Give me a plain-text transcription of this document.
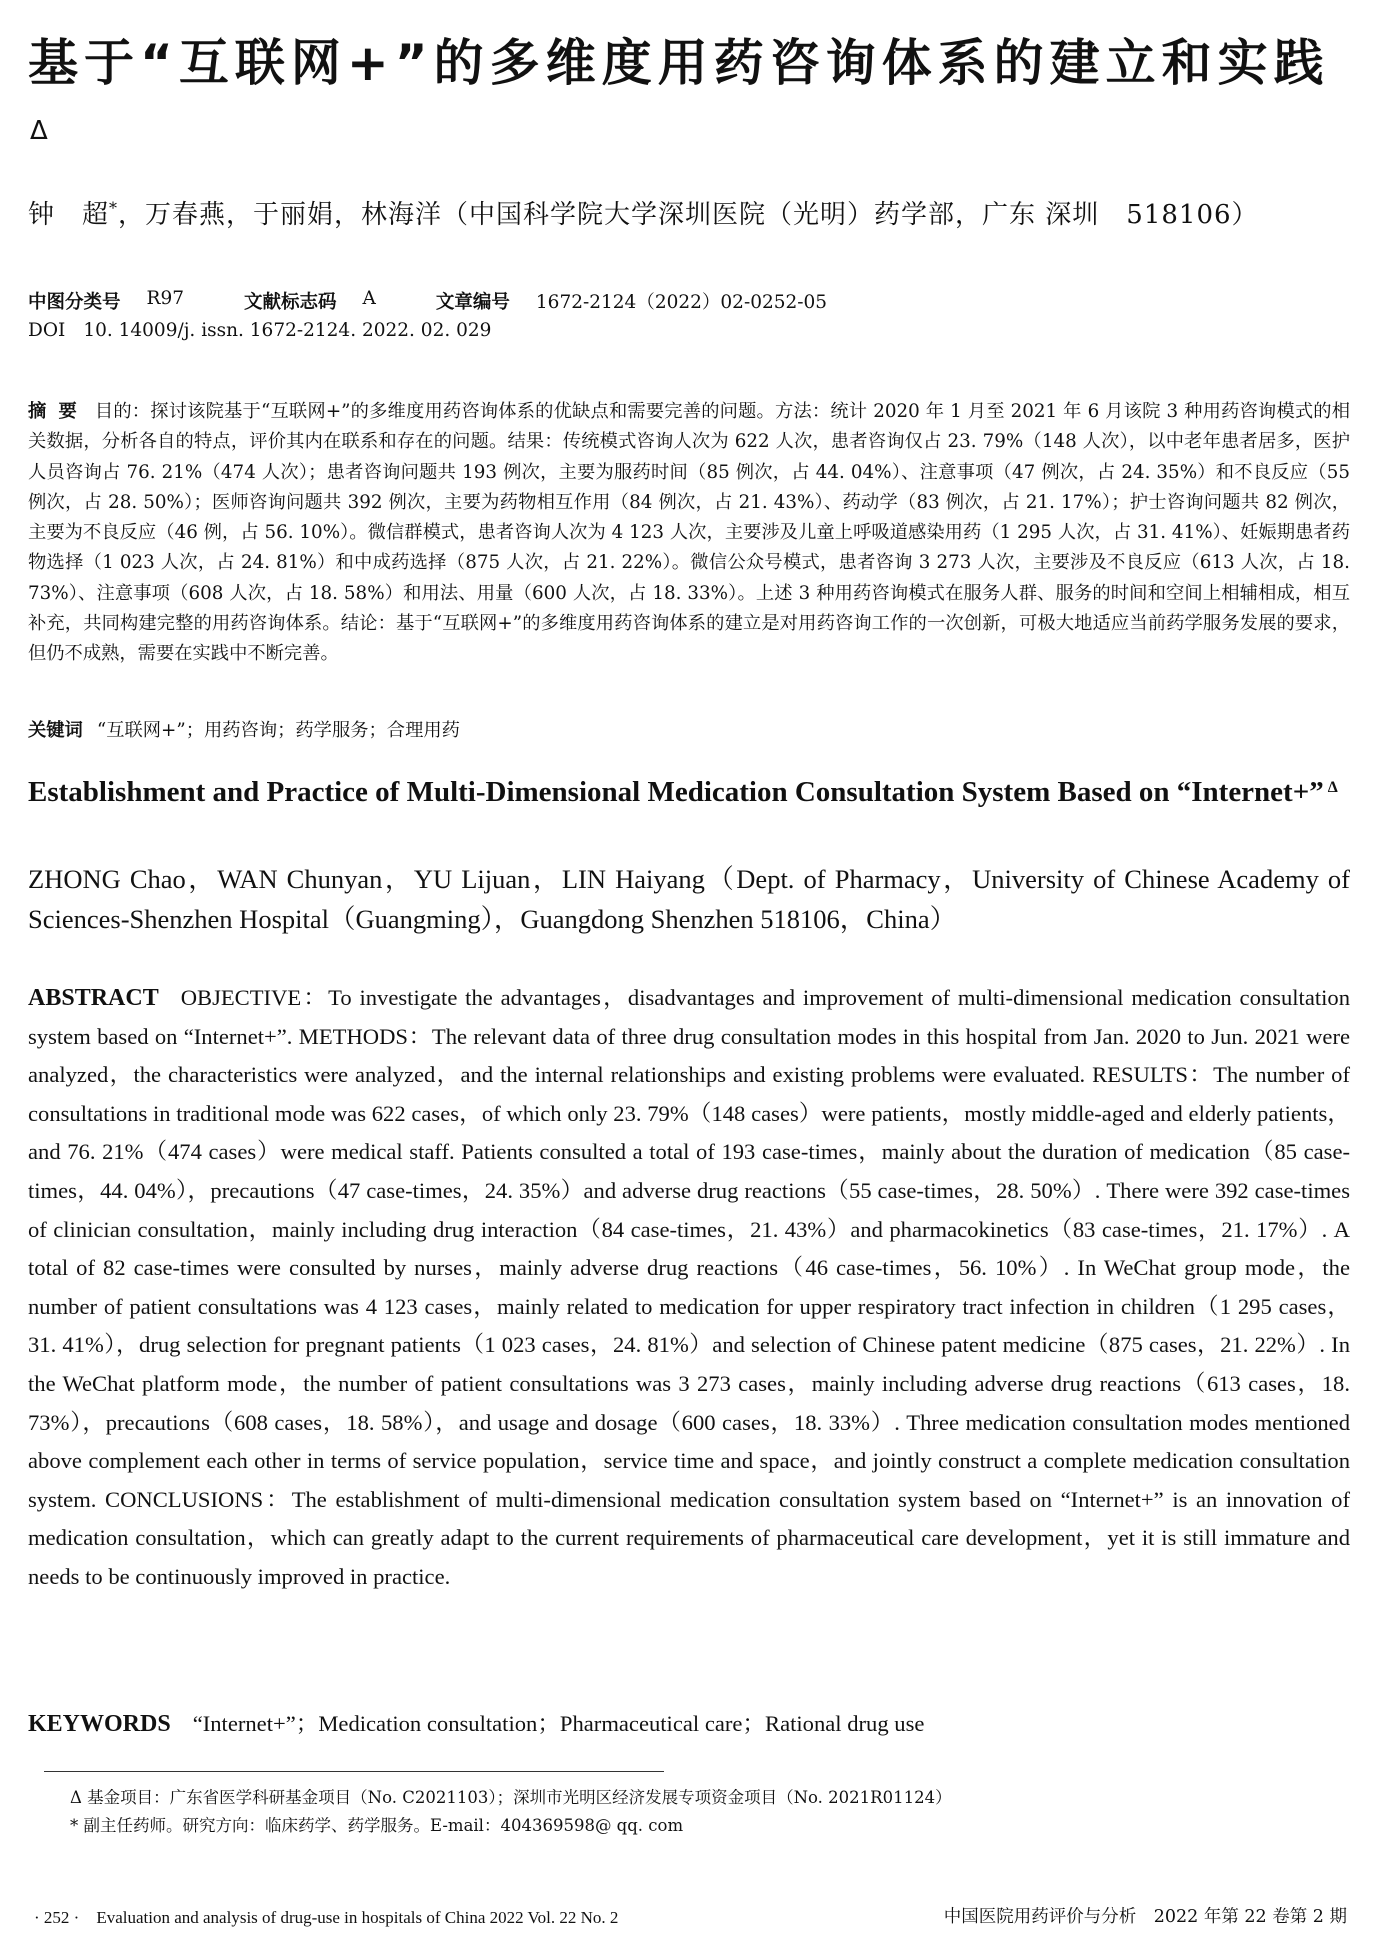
基于“互联网+”的多维度用药咨询体系的建立和实践$^\Delta$
钟　超*，万春燕，于丽娟，林海洋（中国科学院大学深圳医院（光明）药学部，广东 深圳　518106）
中图分类号 R97	文献标志码 A	文章编号 1672-2124（2022）02-0252-05
DOI 10. 14009/j. issn. 1672-2124. 2022. 02. 029

摘要 目的：探讨该院基于“互联网+”的多维度用药咨询体系的优缺点和需要完善的问题。方法：统计 2020 年 1 月至 2021 年 6 月该院 3 种用药咨询模式的相关数据，分析各自的特点，评价其内在联系和存在的问题。结果：传统模式咨询人次为 622 人次，患者咨询仅占 23. 79%（148 人次），以中老年患者居多，医护人员咨询占 76. 21%（474 人次）；患者咨询问题共 193 例次，主要为服药时间（85 例次，占 44. 04%）、注意事项（47 例次，占 24. 35%）和不良反应（55 例次，占 28. 50%）；医师咨询问题共 392 例次，主要为药物相互作用（84 例次，占 21. 43%）、药动学（83 例次，占 21. 17%）；护士咨询问题共 82 例次，主要为不良反应（46 例，占 56. 10%）。微信群模式，患者咨询人次为 4 123 人次，主要涉及儿童上呼吸道感染用药（1 295 人次，占 31. 41%）、妊娠期患者药物选择（1 023 人次，占 24. 81%）和中成药选择（875 人次，占 21. 22%）。微信公众号模式，患者咨询 3 273 人次，主要涉及不良反应（613 人次，占 18. 73%）、注意事项（608 人次，占 18. 58%）和用法、用量（600 人次，占 18. 33%）。上述 3 种用药咨询模式在服务人群、服务的时间和空间上相辅相成，相互补充，共同构建完整的用药咨询体系。结论：基于“互联网+”的多维度用药咨询体系的建立是对用药咨询工作的一次创新，可极大地适应当前药学服务发展的要求，但仍不成熟，需要在实践中不断完善。

关键词 “互联网+”；用药咨询；药学服务；合理用药
Establishment and Practice of Multi-Dimensional Medication Consultation System Based on “Internet+” $^\Delta$

ZHONG Chao，WAN Chunyan，YU Lijuan，LIN Haiyang（Dept. of Pharmacy，University of Chinese Academy of Sciences-Shenzhen Hospital（Guangming），Guangdong Shenzhen 518106，China）

ABSTRACT OBJECTIVE：To investigate the advantages，disadvantages and improvement of multi-dimensional medication consultation system based on “Internet+”. METHODS：The relevant data of three drug consultation modes in this hospital from Jan. 2020 to Jun. 2021 were analyzed，the characteristics were analyzed，and the internal relationships and existing problems were evaluated. RESULTS：The number of consultations in traditional mode was 622 cases，of which only 23. 79%（148 cases）were patients，mostly middle-aged and elderly patients，and 76. 21%（474 cases）were medical staff. Patients consulted a total of 193 case-times，mainly about the duration of medication（85 case-times，44. 04%），precautions（47 case-times，24. 35%）and adverse drug reactions（55 case-times，28. 50%）. There were 392 case-times of clinician consultation，mainly including drug interaction（84 case-times，21. 43%）and pharmacokinetics（83 case-times，21. 17%）. A total of 82 case-times were consulted by nurses，mainly adverse drug reactions（46 case-times，56. 10%）. In WeChat group mode，the number of patient consultations was 4 123 cases，mainly related to medication for upper respiratory tract infection in children（1 295 cases，31. 41%），drug selection for pregnant patients（1 023 cases，24. 81%）and selection of Chinese patent medicine（875 cases，21. 22%）. In the WeChat platform mode，the number of patient consultations was 3 273 cases，mainly including adverse drug reactions（613 cases，18. 73%），precautions（608 cases，18. 58%），and usage and dosage（600 cases，18. 33%）. Three medication consultation modes mentioned above complement each other in terms of service population，service time and space，and jointly construct a complete medication consultation system. CONCLUSIONS：The establishment of multi-dimensional medication consultation system based on “Internet+” is an innovation of medication consultation，which can greatly adapt to the current requirements of pharmaceutical care development，yet it is still immature and needs to be continuously improved in practice.

KEYWORDS “Internet+”；Medication consultation；Pharmaceutical care；Rational drug use
Δ 基金项目：广东省医学科研基金项目（No. C2021103）；深圳市光明区经济发展专项资金项目（No. 2021R01124）
* 副主任药师。研究方向：临床药学、药学服务。E-mail：404369598@ qq. com
· 252 ·　Evaluation and analysis of drug-use in hospitals of China 2022 Vol. 22 No. 2	中国医院用药评价与分析　2022 年第 22 卷第 2 期
